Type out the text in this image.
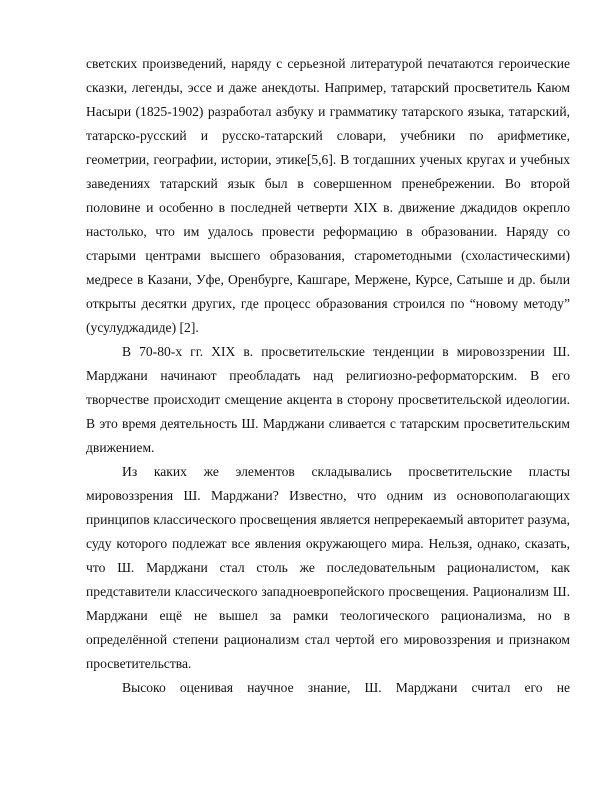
светских произведений, наряду с серьезной литературой печатаются героические сказки, легенды, эссе и даже анекдоты. Например, татарский просветитель Каюм Насыри (1825-1902) разработал азбуку и грамматику татарского языка, татарский, татарско-русский и русско-татарский словари, учебники по арифметике, геометрии, географии, истории, этике[5,6]. В тогдашних ученых кругах и учебных заведениях татарский язык был в совершенном пренебрежении. Во второй половине и особенно в последней четверти XIX в. движение джадидов окрепло настолько, что им удалось провести реформацию в образовании. Наряду со старыми центрами высшего образования, старометодными (схоластическими) медресе в Казани, Уфе, Оренбурге, Кашгаре, Мержене, Курсе, Сатыше и др. были открыты десятки других, где процесс образования строился по “новому методу” (усулуджадиде) [2].

В 70-80-х гг. XIX в. просветительские тенденции в мировоззрении Ш. Марджани начинают преобладать над религиозно-реформаторским. В его творчестве происходит смещение акцента в сторону просветительской идеологии. В это время деятельность Ш. Марджани сливается с татарским просветительским движением.

Из каких же элементов складывались просветительские пласты мировоззрения Ш. Марджани? Известно, что одним из основополагающих принципов классического просвещения является непререкаемый авторитет разума, суду которого подлежат все явления окружающего мира. Нельзя, однако, сказать, что Ш. Марджани стал столь же последовательным рационалистом, как представители классического западноевропейского просвещения. Рационализм Ш. Марджани ещё не вышел за рамки теологического рационализма, но в определённой степени рационализм стал чертой его мировоззрения и признаком просветительства.

Высоко оценивая научное знание, Ш. Марджани считал его не
